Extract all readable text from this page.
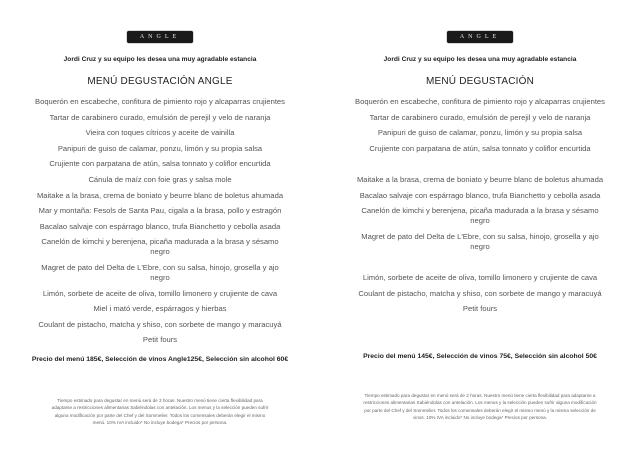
ANGLE
Jordi Cruz y su equipo les desea una muy agradable estancia
MENÚ DEGUSTACIÓN ANGLE
Boquerón en escabeche, confitura de pimiento rojo y alcaparras crujientes
Tartar de carabinero curado, emulsión de perejil y velo de naranja
Vieira con toques cítricos y aceite de vainilla
Panipuri de guiso de calamar, ponzu, limón y su propia salsa
Crujiente con parpatana de atún, salsa tonnato y coliflor encurtida
Cánula de maíz con foie gras y salsa mole
Maitake a la brasa, crema de boniato y beurre blanc de boletus ahumada
Mar y montaña: Fesols de Santa Pau, cigala a la brasa, pollo y estragón
Bacalao salvaje con espárrago blanco, trufa Bianchetto y cebolla asada
Canelón de kimchi y berenjena, picaña madurada a la brasa y sésamo
negro
Magret de pato del Delta de L'Ebre, con su salsa, hinojo, grosella y ajo
negro
Limón, sorbete de aceite de oliva, tomillo limonero y crujiente de cava
Miel i mató verde, espárragos y hierbas
Coulant de pistacho, matcha y shiso, con sorbete de mango y maracuyá
Petit fours
Precio del menú 185€, Selección de vinos Angle125€, Selección sin alcohol 60€
Tiempo estimado para degustar en menú será de 3 horas. Nuestro menú tiene cierta flexibilidad para
adaptarse a restricciones alimentarias Sabiéndolas con antelación. Los menus y la selección pueden sufrir
alguna modificación por parte del Chef y del Sommelier. Todos los comensales deberán elegir el mismo
menú. 10% IVA incluido* No incluye bodega* Precios por persona.
ANGLE
Jordi Cruz y su equipo les desea una muy agradable estancia
MENÚ DEGUSTACIÓN
Boquerón en escabeche, confitura de pimiento rojo y alcaparras crujientes
Tartar de carabinero curado, emulsión de perejil y velo de naranja
Panipuri de guiso de calamar, ponzu, limón y su propia salsa
Crujiente con parpatana de atún, salsa tonnato y coliflor encurtida
Maitake a la brasa, crema de boniato y beurre blanc de boletus ahumada
Bacalao salvaje con espárrago blanco, trufa Bianchetto y cebolla asada
Canelón de kimchi y berenjena, picaña madurada a la brasa y sésamo
negro
Magret de pato del Delta de L'Ebre, con su salsa, hinojo, grosella y ajo
negro
Limón, sorbete de aceite de oliva, tomillo limonero y crujiente de cava
Coulant de pistacho, matcha y shiso, con sorbete de mango y maracuyá
Petit fours
Precio del menú 145€, Selección de vinos 75€, Selección sin alcohol 50€
Tiempo estimado para degustar en menú será de 2 horas. Nuestro menú tiene cierta flexibilidad para adaptarse a
restricciones alimentarias Sabiéndolas con antelación. Los menus y la selección pueden sufrir alguna modificación
por parte del Chef y del Sommelier. Todos los comensales deberán elegir el mismo menú y la misma selección de
vinos. 10% IVA incluido* No incluye bodega* Precios por persona.
